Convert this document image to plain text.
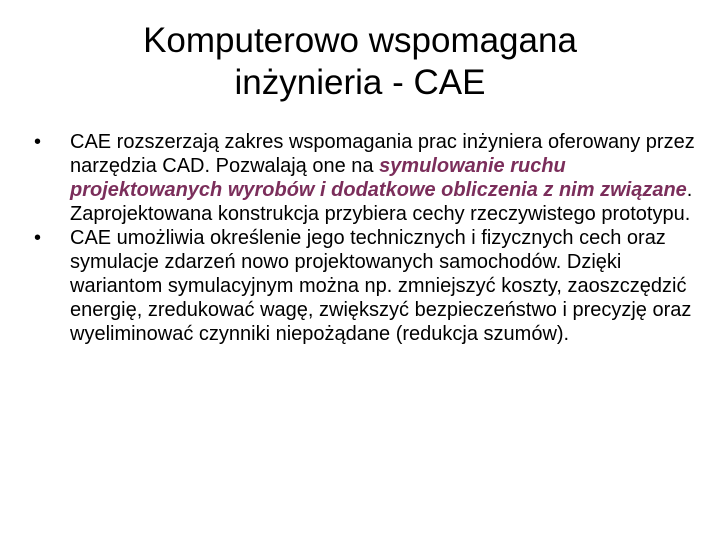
Komputerowo wspomagana
inżynieria - CAE
• CAE rozszerzają zakres wspomagania prac inżyniera oferowany przez narzędzia CAD. Pozwalają one na symulowanie ruchu projektowanych wyrobów i dodatkowe obliczenia z nim związane. Zaprojektowana konstrukcja przybiera cechy rzeczywistego prototypu.
• CAE umożliwia określenie jego technicznych i fizycznych cech oraz symulacje zdarzeń nowo projektowanych samochodów. Dzięki wariantom symulacyjnym można np. zmniejszyć koszty, zaoszczędzić energię, zredukować wagę, zwiększyć bezpieczeństwo i precyzję oraz wyeliminować czynniki niepożądane (redukcja szumów).
